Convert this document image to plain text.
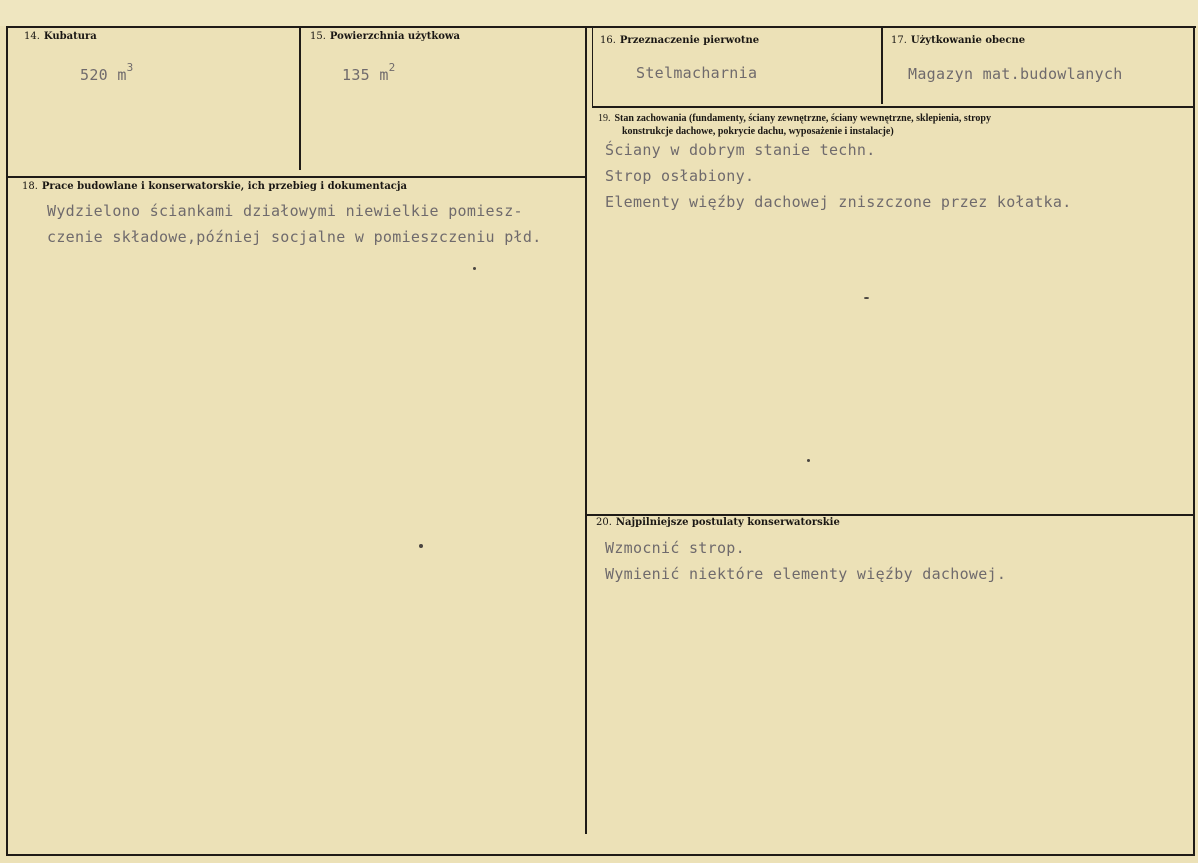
14. Kubatura
520 $m^3$
15. Powierzchnia użytkowa
135 $m^2$
16. Przeznaczenie pierwotne
Stelmacharnia
17. Użytkowanie obecne
Magazyn mat.budowlanych
19. Stan zachowania (fundamenty, ściany zewnętrzne, ściany wewnętrzne, sklepienia, stropy
konstrukcje dachowe, pokrycie dachu, wyposażenie i instalacje)
Ściany w dobrym stanie techn.
Strop osłabiony.
Elementy więźby dachowej zniszczone przez kołatka.
18. Prace budowlane i konserwatorskie, ich przebieg i dokumentacja
Wydzielono ściankami działowymi niewielkie pomiesz-
czenie składowe,później socjalne w pomieszczeniu płd.
20. Najpilniejsze postulaty konserwatorskie
Wzmocnić strop.
Wymienić niektóre elementy więźby dachowej.
